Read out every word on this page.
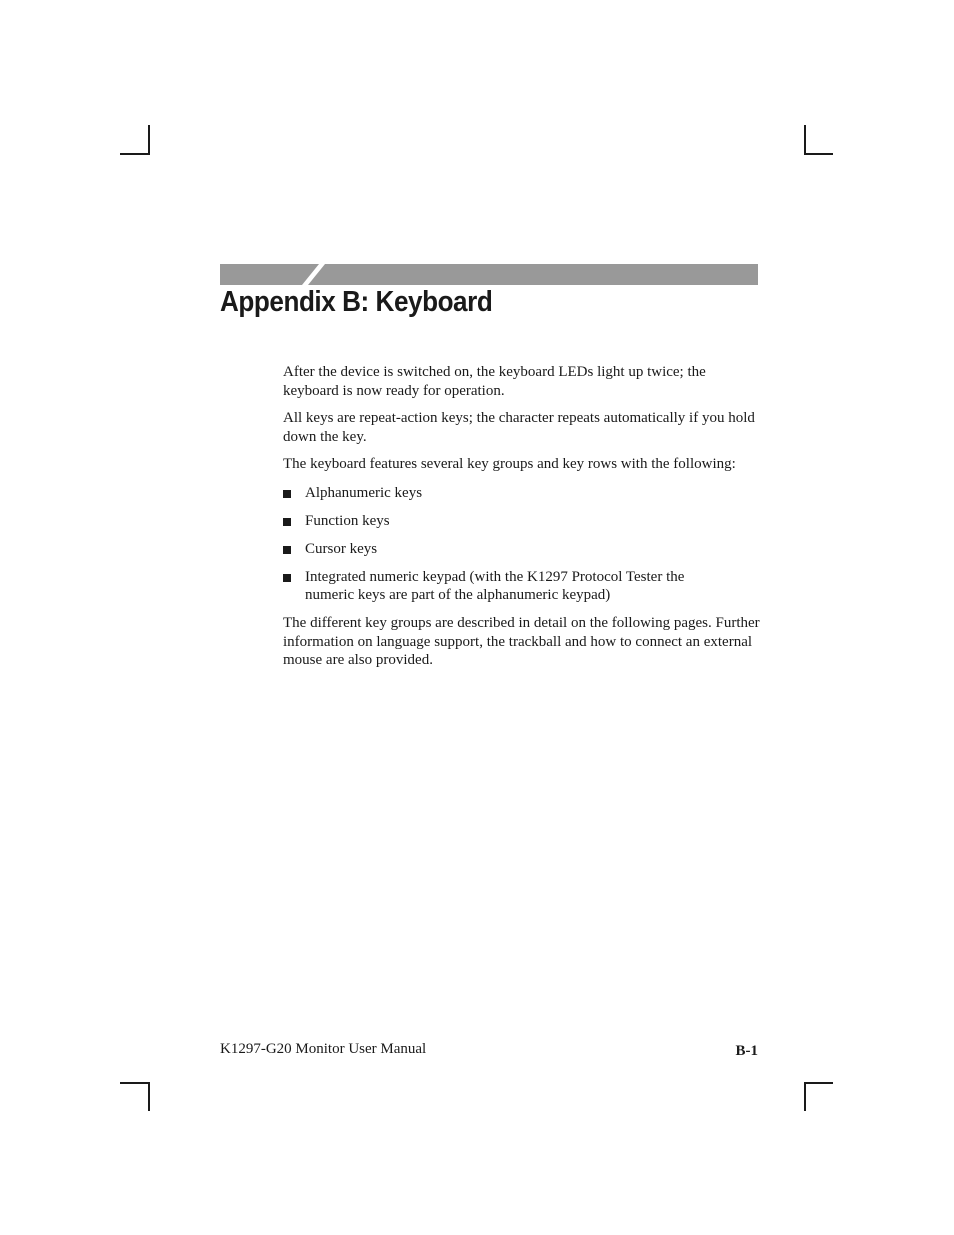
Appendix B: Keyboard

After the device is switched on, the keyboard LEDs light up twice; the keyboard is now ready for operation.

All keys are repeat-action keys; the character repeats automatically if you hold down the key.

The keyboard features several key groups and key rows with the following:

Alphanumeric keys
Function keys
Cursor keys
Integrated numeric keypad (with the K1297 Protocol Tester the numeric keys are part of the alphanumeric keypad)

The different key groups are described in detail on the following pages. Further information on language support, the trackball and how to connect an external mouse are also provided.

K1297-G20 Monitor User Manual	B-1
